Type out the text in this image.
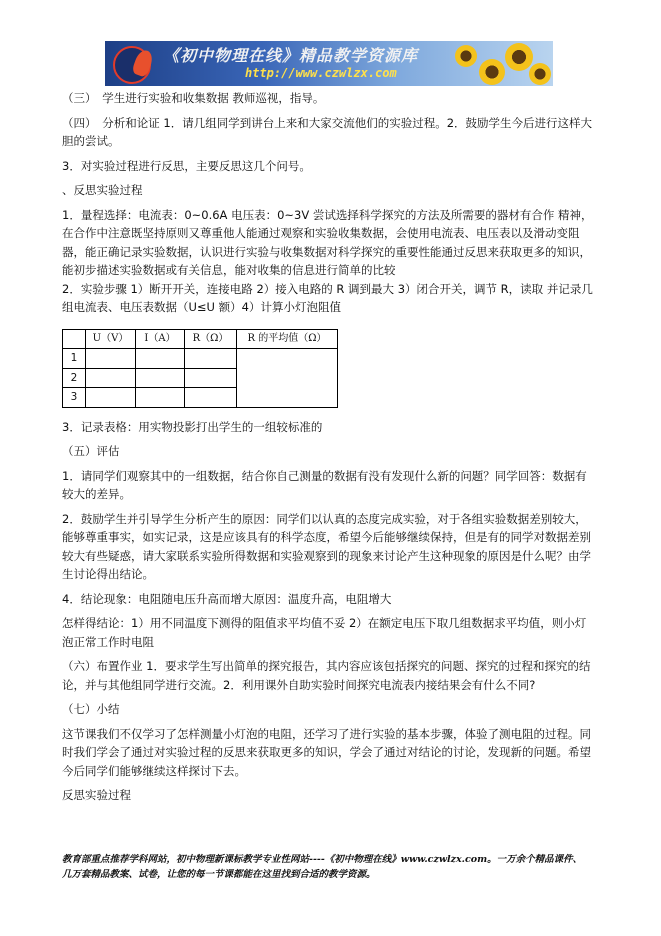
《初中物理在线》精品教学资源库
http://www.czwlzx.com

（三）　学生进行实验和收集数据 教师巡视，指导。

（四）　分析和论证 1．请几组同学到讲台上来和大家交流他们的实验过程。2．鼓励学生今后进行这样大胆的尝试。

3．对实验过程进行反思，主要反思这几个问号。

、反思实验过程

1．量程选择：电流表：0~0.6A 电压表：0~3V 尝试选择科学探究的方法及所需要的器材有合作 精神，在合作中注意既坚持原则又尊重他人能通过观察和实验收集数据，会使用电流表、电压表以及滑动变阻器，能正确记录实验数据，认识进行实验与收集数据对科学探究的重要性能通过反思来获取更多的知识，能初步描述实验数据或有关信息，能对收集的信息进行简单的比较

2．实验步骤 1）断开开关，连接电路 2）接入电路的 R 调到最大 3）闭合开关，调节 R，读取 并记录几组电流表、电压表数据（U≤U 额）4）计算小灯泡阻值

	U（V）	I（A）	R（Ω）	R 的平均值（Ω）
1				
2				
3				

3．记录表格：用实物投影打出学生的一组较标准的

（五）评估

1．请同学们观察其中的一组数据，结合你自己测量的数据有没有发现什么新的问题？同学回答：数据有较大的差异。

2．鼓励学生并引导学生分析产生的原因：同学们以认真的态度完成实验，对于各组实验数据差别较大，能够尊重事实，如实记录，这是应该具有的科学态度，希望今后能够继续保持，但是有的同学对数据差别较大有些疑惑，请大家联系实验所得数据和实验观察到的现象来讨论产生这种现象的原因是什么呢？由学生讨论得出结论。

4．结论现象：电阻随电压升高而增大原因：温度升高，电阻增大

怎样得结论：1）用不同温度下测得的阻值求平均值不妥 2）在额定电压下取几组数据求平均值，则小灯泡正常工作时电阻

（六）布置作业 1．要求学生写出简单的探究报告，其内容应该包括探究的问题、探究的过程和探究的结论，并与其他组同学进行交流。2．利用课外自助实验时间探究电流表内接结果会有什么不同?

（七）小结

这节课我们不仅学习了怎样测量小灯泡的电阻，还学习了进行实验的基本步骤，体验了测电阻的过程。同时我们学会了通过对实验过程的反思来获取更多的知识，学会了通过对结论的讨论，发现新的问题。希望今后同学们能够继续这样探讨下去。

反思实验过程

教育部重点推荐学科网站，初中物理新课标教学专业性网站----《初中物理在线》www.czwlzx.com。一万余个精品课件、
几万套精品教案、试卷，让您的每一节课都能在这里找到合适的教学资源。
